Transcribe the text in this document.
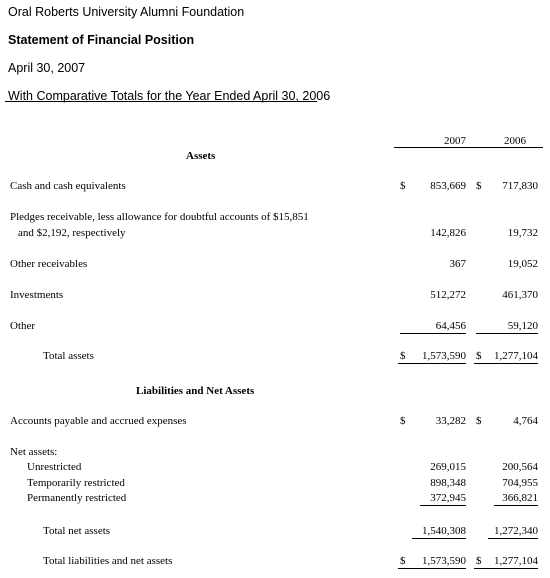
Oral Roberts University Alumni Foundation
Statement of Financial Position
April 30, 2007
With Comparative Totals for the Year Ended April 30, 2006
2007	2006
Assets
Cash and cash equivalents	$ 853,669 $ 717,830
Pledges receivable, less allowance for doubtful accounts of $15,851
and $2,192, respectively	142,826	19,732
Other receivables	367	19,052
Investments	512,272	461,370
Other	64,456	59,120
Total assets	$ 1,573,590 $ 1,277,104
Liabilities and Net Assets
Accounts payable and accrued expenses	$	33,282 $	4,764
Net assets:
Unrestricted	269,015	200,564
Temporarily restricted	898,348	704,955
Permanently restricted	372,945	366,821
Total net assets	1,540,308	1,272,340
Total liabilities and net assets	$ 1,573,590 $ 1,277,104
